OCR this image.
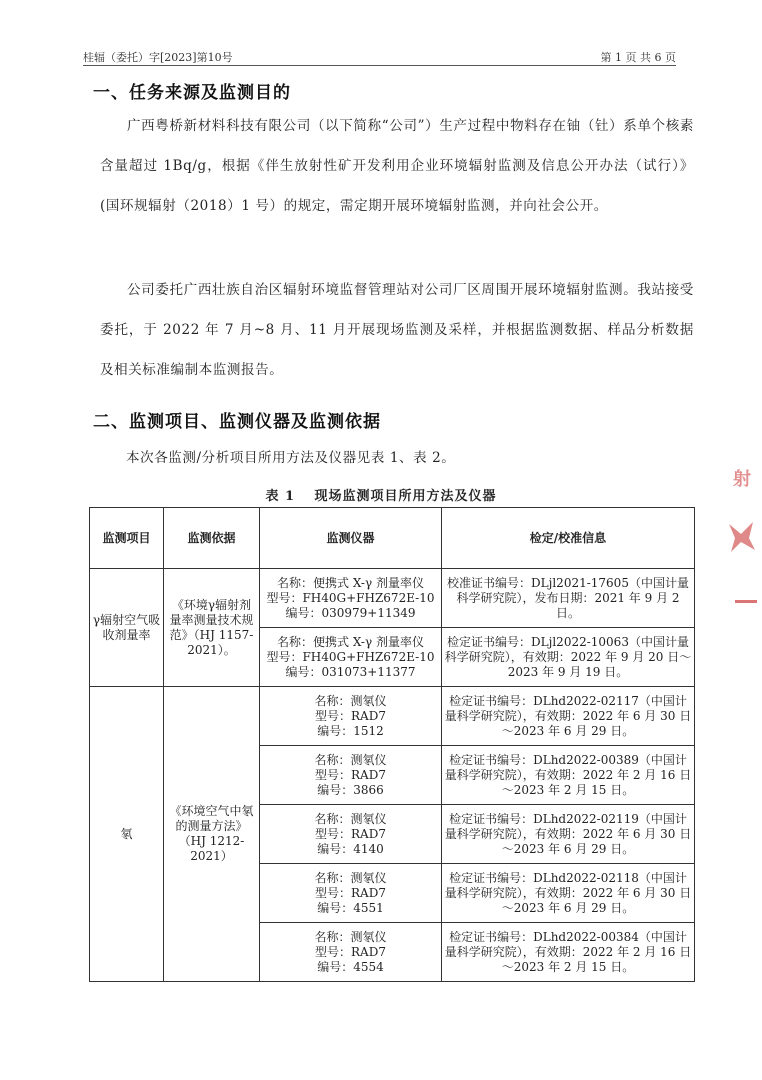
桂辐（委托）字[2023]第10号	第 1 页 共 6 页
一、任务来源及监测目的
广西粤桥新材料科技有限公司（以下简称“公司”）生产过程中物料存在铀（钍）系单个核素含量超过 1Bq/g，根据《伴生放射性矿开发利用企业环境辐射监测及信息公开办法（试行）》(国环规辐射（2018）1 号）的规定，需定期开展环境辐射监测，并向社会公开。
公司委托广西壮族自治区辐射环境监督管理站对公司厂区周围开展环境辐射监测。我站接受委托，于 2022 年 7 月~8 月、11 月开展现场监测及采样，并根据监测数据、样品分析数据及相关标准编制本监测报告。
二、监测项目、监测仪器及监测依据
本次各监测/分析项目所用方法及仪器见表 1、表 2。
表 1　 现场监测项目所用方法及仪器
监测项目	监测依据	监测仪器	检定/校准信息
γ辐射空气吸收剂量率	《环境γ辐射剂量率测量技术规范》（HJ 1157-2021）。	名称：便携式 X-γ 剂量率仪
型号：FH40G+FHZ672E-10
编号：030979+11349	校准证书编号：DLjl2021-17605（中国计量科学研究院），发布日期：2021 年 9 月 2 日。

		名称：便携式 X-γ 剂量率仪
型号：FH40G+FHZ672E-10
编号：031073+11377	检定证书编号：DLjl2022-10063（中国计量科学研究院），有效期：2022 年 9 月 20 日～2023 年 9 月 19 日。
氡	《环境空气中氡的测量方法》（HJ 1212-2021）	名称：测氡仪
型号：RAD7
编号：1512	检定证书编号：DLhd2022-02117（中国计量科学研究院），有效期：2022 年 6 月 30 日～2023 年 6 月 29 日。

		名称：测氡仪
型号：RAD7
编号：3866	检定证书编号：DLhd2022-00389（中国计量科学研究院），有效期：2022 年 2 月 16 日～2023 年 2 月 15 日。

		名称：测氡仪
型号：RAD7
编号：4140	检定证书编号：DLhd2022-02119（中国计量科学研究院），有效期：2022 年 6 月 30 日～2023 年 6 月 29 日。

		名称：测氡仪
型号：RAD7
编号：4551	检定证书编号：DLhd2022-02118（中国计量科学研究院），有效期：2022 年 6 月 30 日～2023 年 6 月 29 日。

		名称：测氡仪
型号：RAD7
编号：4554	检定证书编号：DLhd2022-00384（中国计量科学研究院），有效期：2022 年 2 月 16 日～2023 年 2 月 15 日。
射
